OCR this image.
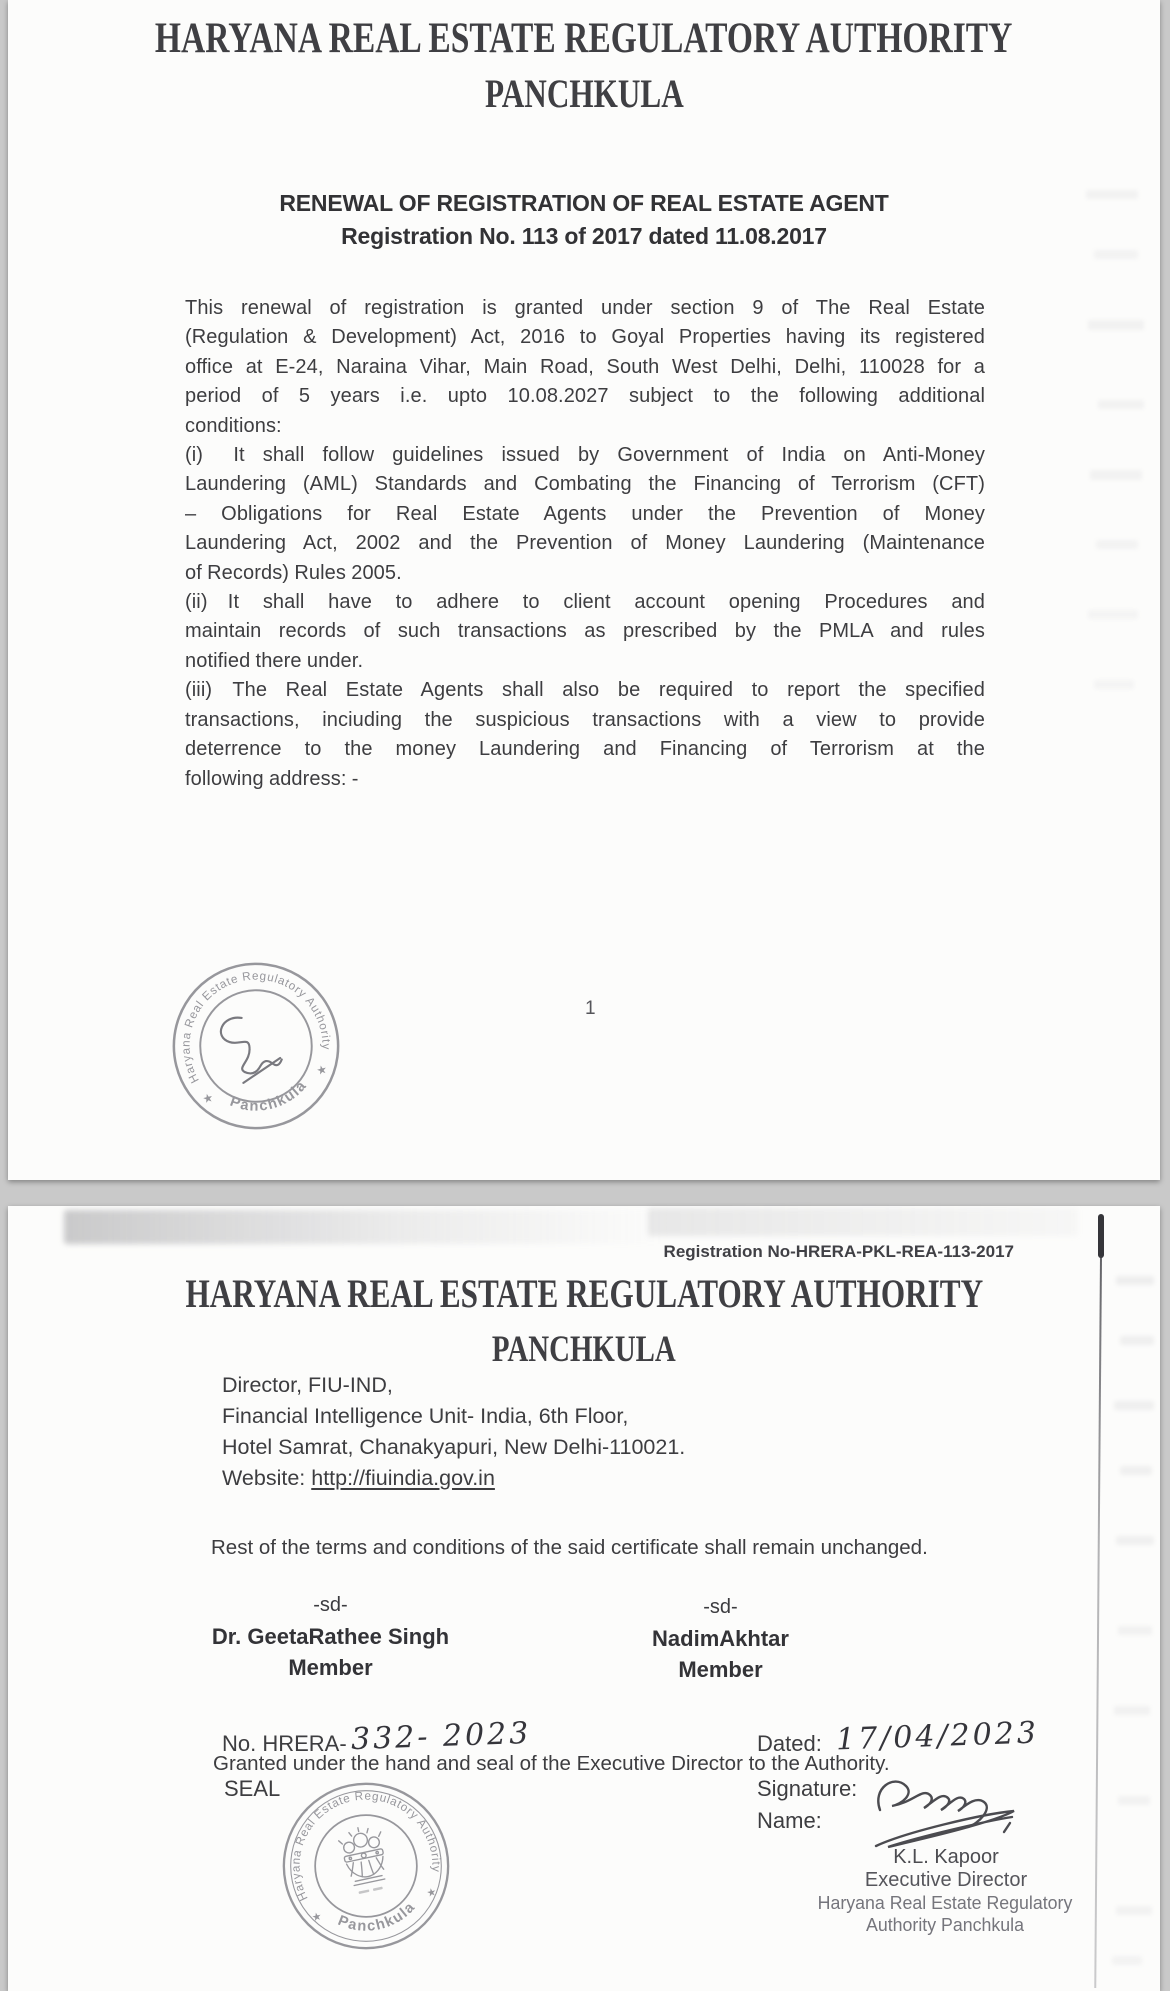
HARYANA REAL ESTATE REGULATORY AUTHORITY
PANCHKULA
RENEWAL OF REGISTRATION OF REAL ESTATE AGENT
Registration No. 113 of 2017 dated 11.08.2017

This renewal of registration is granted under section 9 of The Real Estate
(Regulation & Development) Act, 2016 to Goyal Properties having its registered
office at E-24, Naraina Vihar, Main Road, South West Delhi, Delhi, 110028 for a
period of 5 years i.e. upto 10.08.2027 subject to the following additional
conditions:

(i)   It shall follow guidelines issued by Government of India on Anti-Money
Laundering (AML) Standards and Combating the Financing of Terrorism (CFT)
– Obligations for Real Estate Agents under the Prevention of Money
Laundering Act, 2002 and the Prevention of Money Laundering (Maintenance
of Records) Rules 2005.

(ii)  It shall have to adhere to client account opening Procedures and
maintain records of such transactions as prescribed by the PMLA and rules
notified there under.

(iii)  The Real Estate Agents shall also be required to report the specified
transactions, inciuding the suspicious transactions with a view to provide
deterrence to the money Laundering and Financing of Terrorism at the
following address: -

1
Haryana Real Estate Regulatory Authority
Panchkula
★
★
Registration No-HRERA-PKL-REA-113-2017
HARYANA REAL ESTATE REGULATORY AUTHORITY
PANCHKULA
Director, FIU-IND,
Financial Intelligence Unit- India, 6th Floor,
Hotel Samrat, Chanakyapuri, New Delhi-110021.
Website: http://fiuindia.gov.in
Rest of the terms and conditions of the said certificate shall remain unchanged.
-sd-
Dr. GeetaRathee Singh
Member
-sd-
NadimAkhtar
Member
No. HRERA- 332- 2023	Dated: 17/04/2023
Granted under the hand and seal of the Executive Director to the Authority.
SEAL	Signature:
Name:
Haryana Real Estate Regulatory Authority
Panchkula
★
★
K.L. Kapoor
Executive Director
Haryana Real Estate Regulatory Authority Panchkula
